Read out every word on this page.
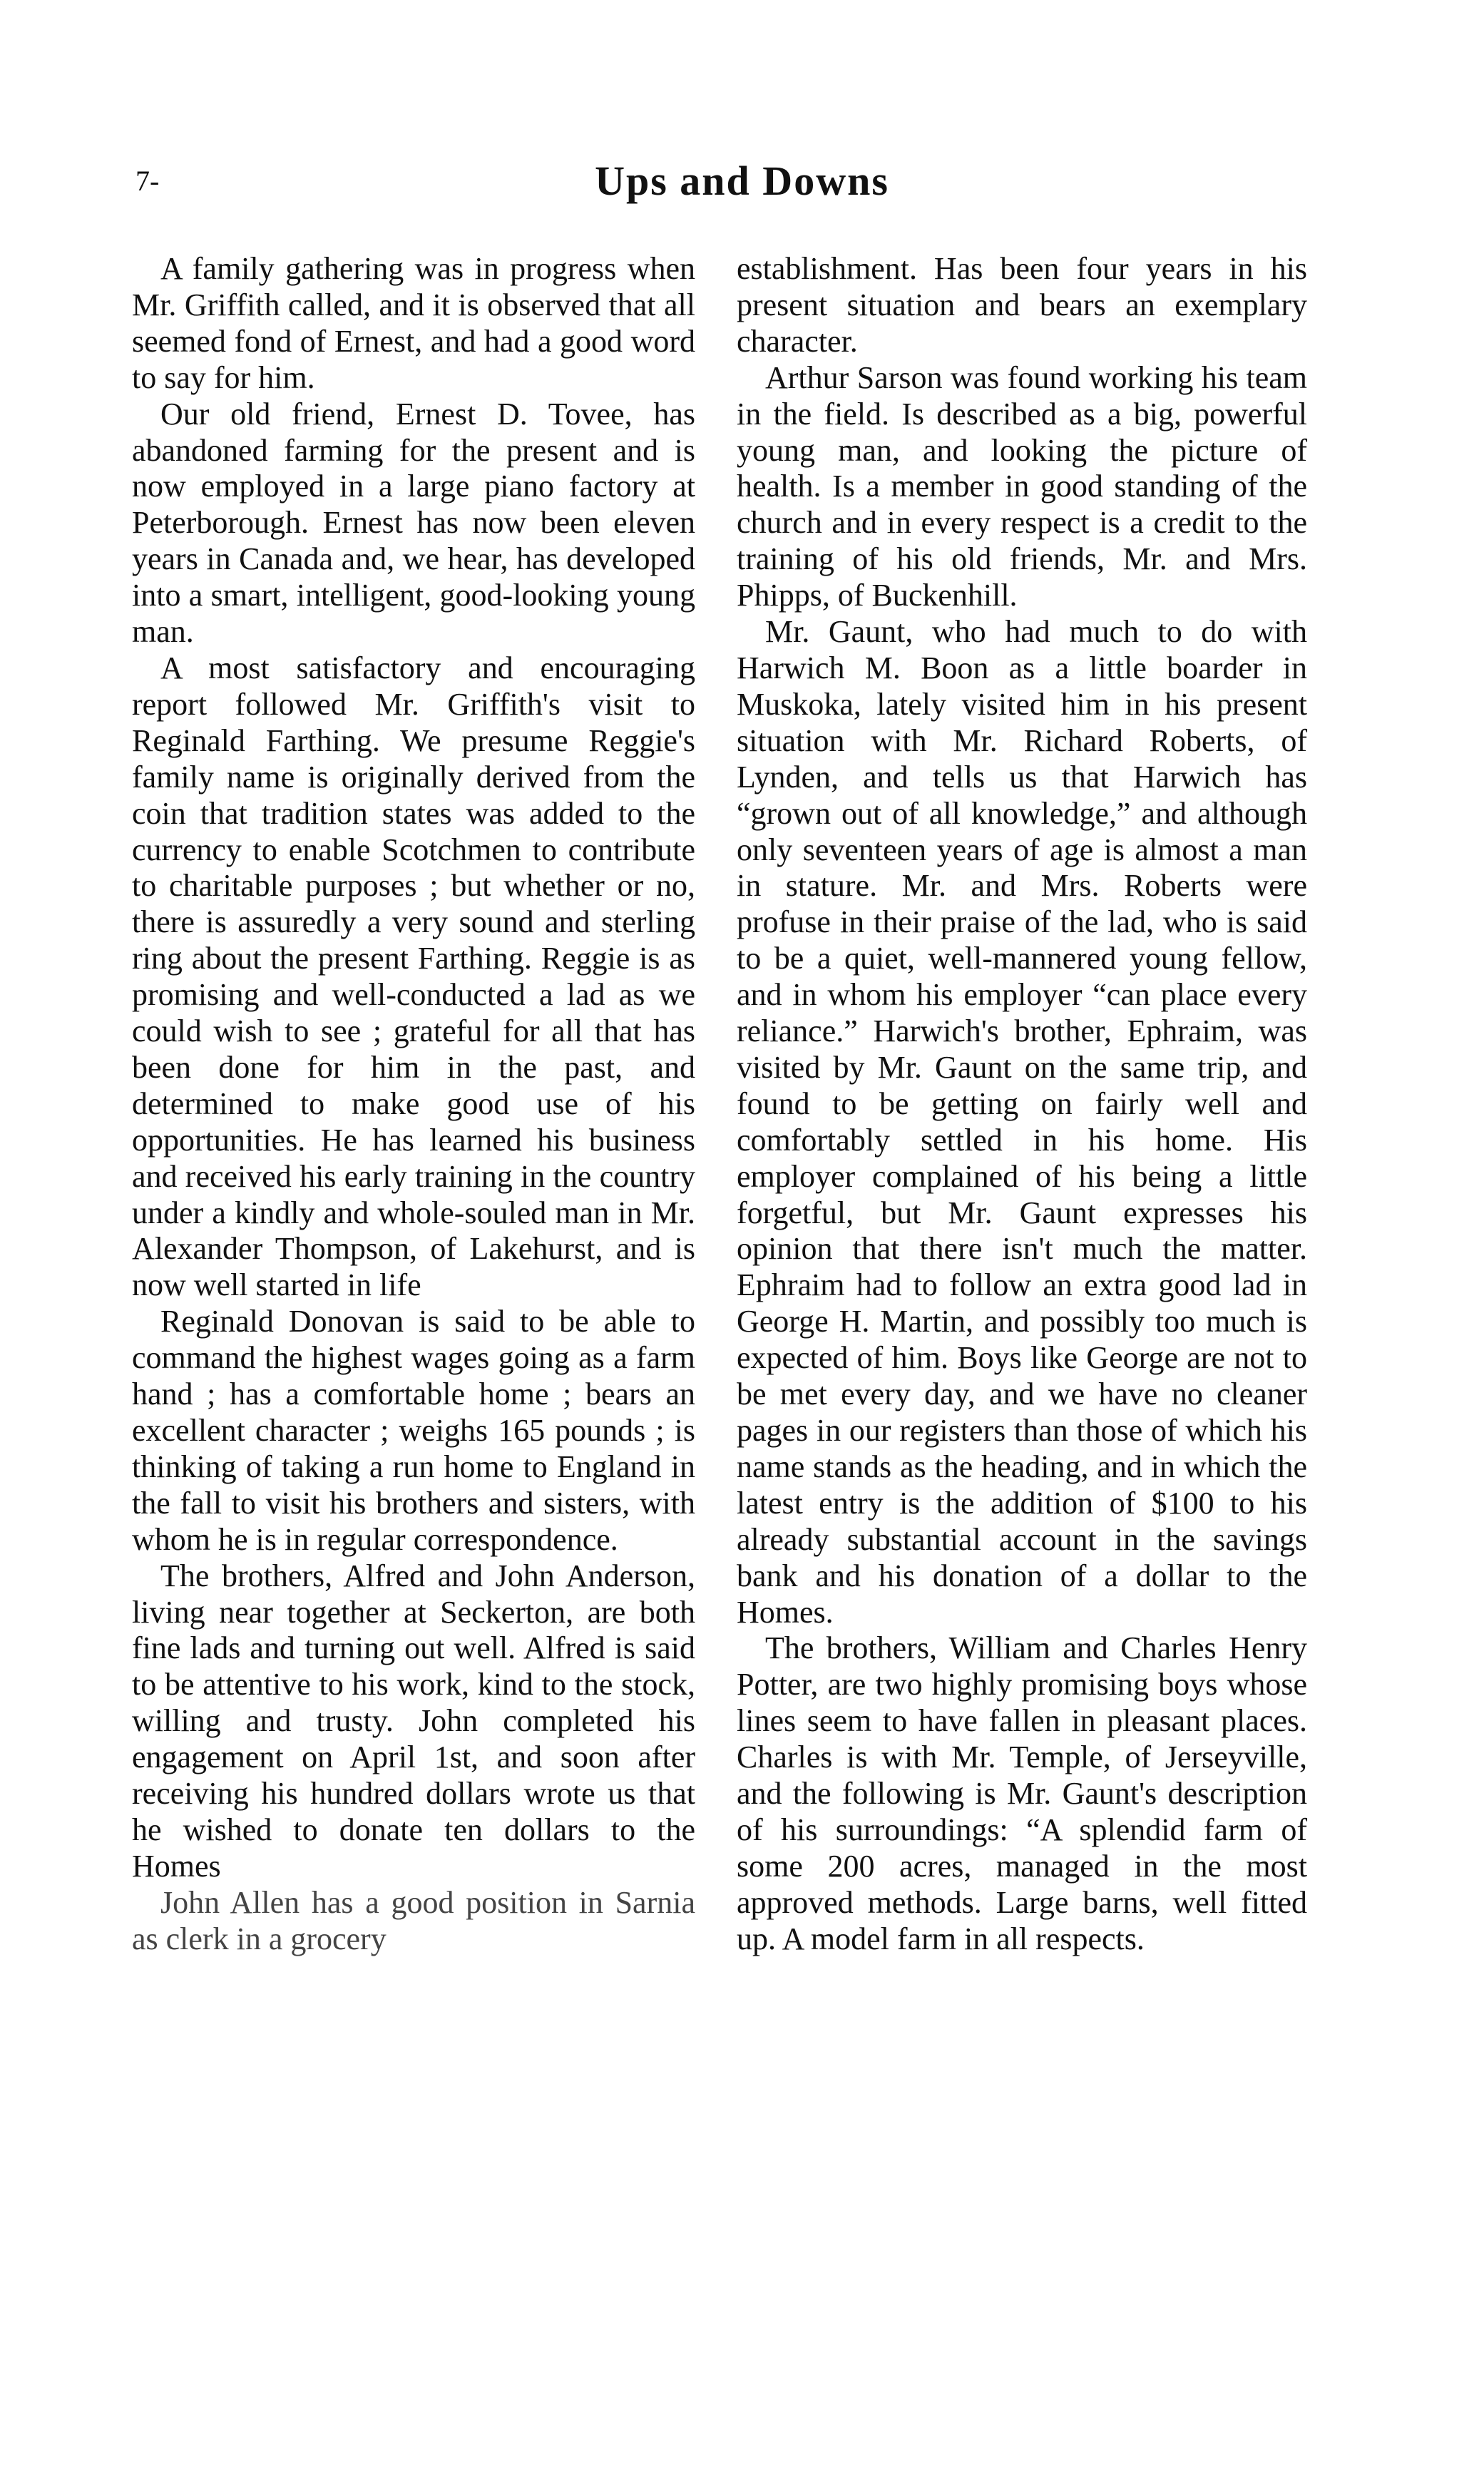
7-	Ups and Downs

A family gathering was in progress when Mr. Griffith called, and it is observed that all seemed fond of Ernest, and had a good word to say for him.

Our old friend, Ernest D. Tovee, has abandoned farming for the present and is now employed in a large piano factory at Peterborough. Ernest has now been eleven years in Canada and, we hear, has developed into a smart, intelligent, good-looking young man.

A most satisfactory and encouraging report followed Mr. Griffith's visit to Reginald Farthing. We presume Reggie's family name is originally derived from the coin that tradition states was added to the currency to enable Scotchmen to contribute to charitable purposes ; but whether or no, there is assuredly a very sound and sterling ring about the present Farthing. Reggie is as promising and well-conducted a lad as we could wish to see ; grateful for all that has been done for him in the past, and determined to make good use of his opportunities. He has learned his business and received his early training in the country under a kindly and whole-souled man in Mr. Alexander Thompson, of Lakehurst, and is now well started in life

Reginald Donovan is said to be able to command the highest wages going as a farm hand ; has a comfortable home ; bears an excellent character ; weighs 165 pounds ; is thinking of taking a run home to England in the fall to visit his brothers and sisters, with whom he is in regular correspondence.

The brothers, Alfred and John Anderson, living near together at Seckerton, are both fine lads and turning out well. Alfred is said to be attentive to his work, kind to the stock, willing and trusty. John completed his engagement on April 1st, and soon after receiving his hundred dollars wrote us that he wished to donate ten dollars to the Homes

John Allen has a good position in Sarnia as clerk in a grocery

establishment. Has been four years in his present situation and bears an exemplary character.

Arthur Sarson was found working his team in the field. Is described as a big, powerful young man, and looking the picture of health. Is a member in good standing of the church and in every respect is a credit to the training of his old friends, Mr. and Mrs. Phipps, of Buckenhill.

Mr. Gaunt, who had much to do with Harwich M. Boon as a little boarder in Muskoka, lately visited him in his present situation with Mr. Richard Roberts, of Lynden, and tells us that Harwich has “grown out of all knowledge,” and although only seventeen years of age is almost a man in stature. Mr. and Mrs. Roberts were profuse in their praise of the lad, who is said to be a quiet, well-mannered young fellow, and in whom his employer “can place every reliance.” Harwich's brother, Ephraim, was visited by Mr. Gaunt on the same trip, and found to be getting on fairly well and comfortably settled in his home. His employer complained of his being a little forgetful, but Mr. Gaunt expresses his opinion that there isn't much the matter. Ephraim had to follow an extra good lad in George H. Martin, and possibly too much is expected of him. Boys like George are not to be met every day, and we have no cleaner pages in our registers than those of which his name stands as the heading, and in which the latest entry is the addition of $100 to his already substantial account in the savings bank and his donation of a dollar to the Homes.

The brothers, William and Charles Henry Potter, are two highly promising boys whose lines seem to have fallen in pleasant places. Charles is with Mr. Temple, of Jerseyville, and the following is Mr. Gaunt's description of his surroundings: “A splendid farm of some 200 acres, managed in the most approved methods. Large barns, well fitted up. A model farm in all respects.
